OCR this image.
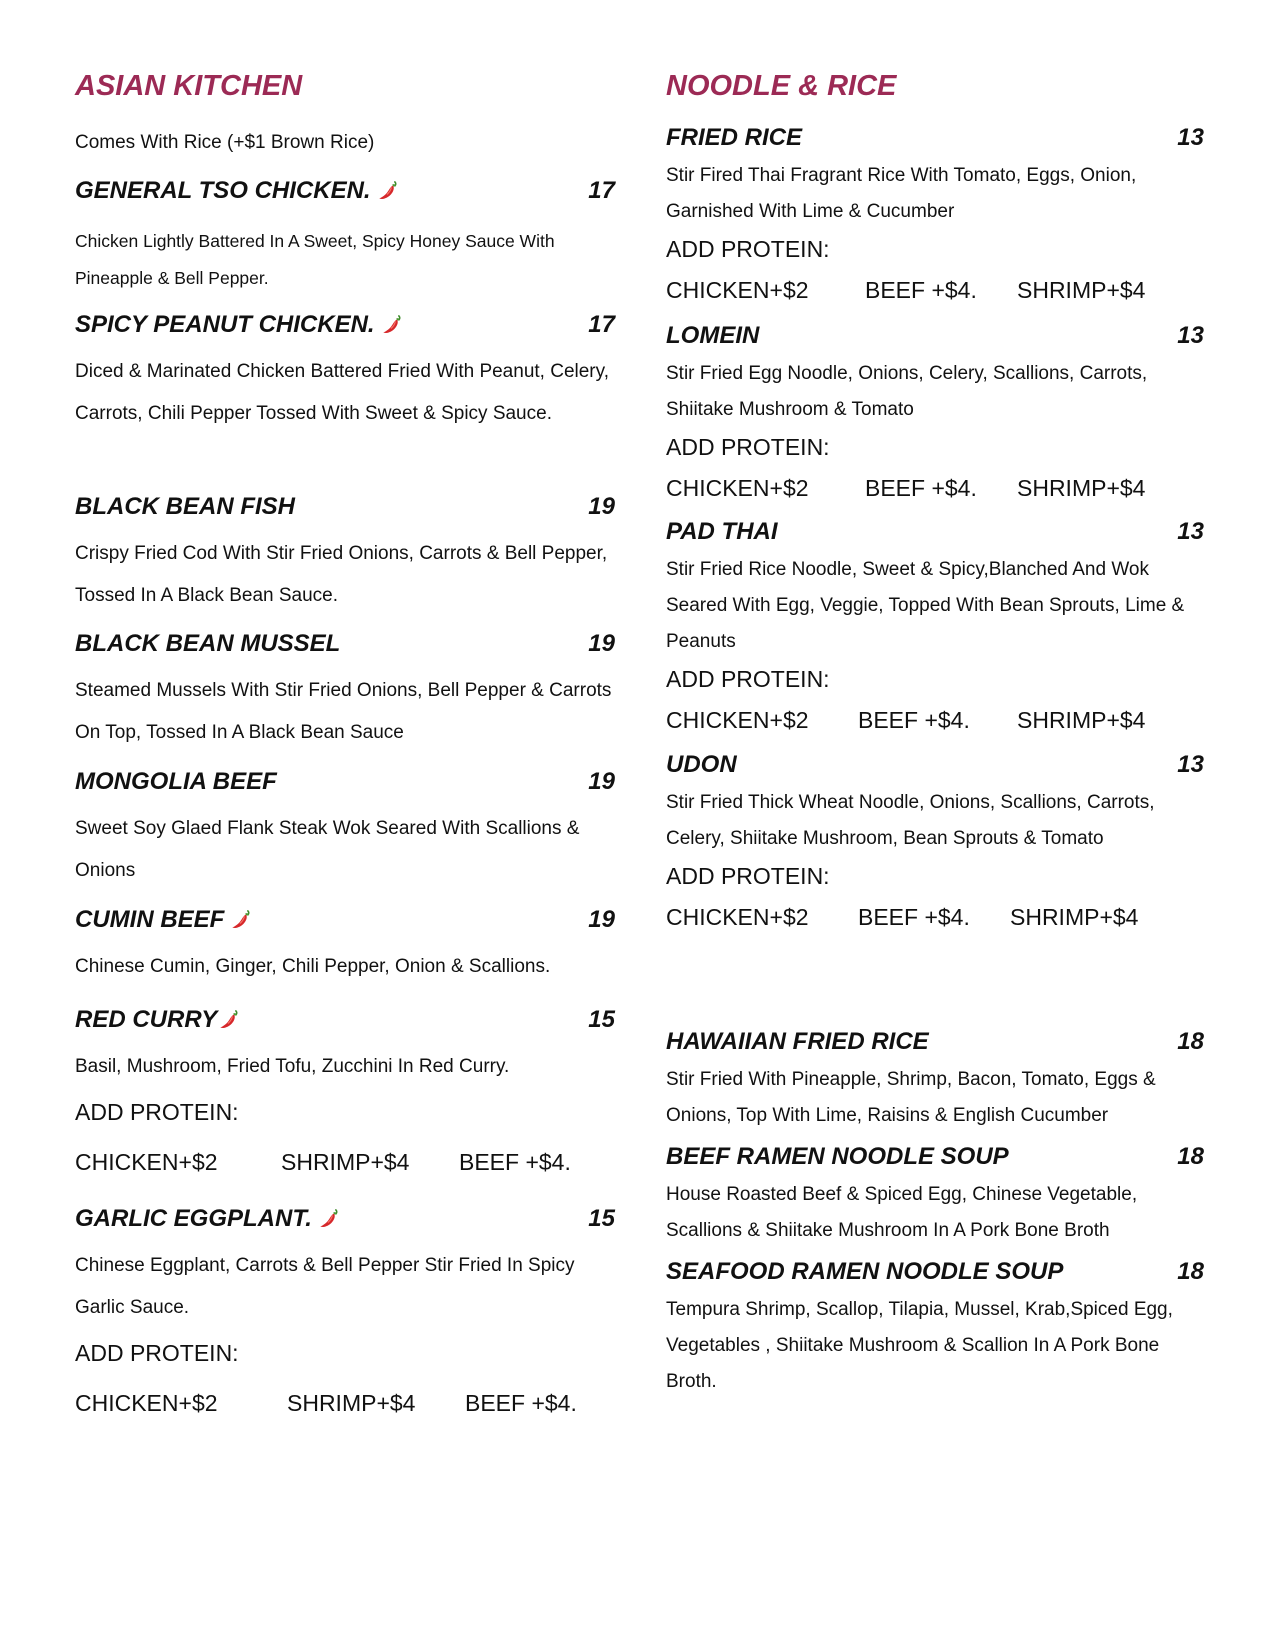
ASIAN KITCHEN
Comes With Rice (+$1 Brown Rice)
GENERAL TSO CHICKEN.	17

Chicken Lightly Battered In A Sweet, Spicy Honey Sauce With Pineapple & Bell Pepper.

SPICY PEANUT CHICKEN.	17

Diced & Marinated Chicken Battered Fried With Peanut, Celery, Carrots, Chili Pepper Tossed With Sweet & Spicy Sauce.

BLACK BEAN FISH	19

Crispy Fried Cod With Stir Fried Onions, Carrots & Bell Pepper, Tossed In A Black Bean Sauce.

BLACK BEAN MUSSEL	19

Steamed Mussels With Stir Fried Onions, Bell Pepper & Carrots On Top, Tossed In A Black Bean Sauce

MONGOLIA BEEF	19

Sweet Soy Glaed Flank Steak Wok Seared With Scallions & Onions

CUMIN BEEF	19

Chinese Cumin, Ginger, Chili Pepper, Onion & Scallions.

RED CURRY	15

Basil, Mushroom, Fried Tofu, Zucchini In Red Curry.

ADD PROTEIN:

CHICKEN+$2	SHRIMP+$4 BEEF +$4.
GARLIC EGGPLANT.	15

Chinese Eggplant, Carrots & Bell Pepper Stir Fried In Spicy Garlic Sauce.

ADD PROTEIN:

CHICKEN+$2	SHRIMP+$4 BEEF +$4.
NOODLE & RICE
FRIED RICE	13

Stir Fired Thai Fragrant Rice With Tomato, Eggs, Onion, Garnished With Lime & Cucumber

ADD PROTEIN:

CHICKEN+$2 BEEF +$4. SHRIMP+$4
LOMEIN	13

Stir Fried Egg Noodle, Onions, Celery, Scallions, Carrots, Shiitake Mushroom & Tomato

ADD PROTEIN:

CHICKEN+$2 BEEF +$4. SHRIMP+$4
PAD THAI	13

Stir Fried Rice Noodle, Sweet & Spicy,Blanched And Wok Seared With Egg, Veggie, Topped With Bean Sprouts, Lime & Peanuts

ADD PROTEIN:

CHICKEN+$2 BEEF +$4. SHRIMP+$4
UDON	13

Stir Fried Thick Wheat Noodle, Onions, Scallions, Carrots, Celery, Shiitake Mushroom, Bean Sprouts & Tomato

ADD PROTEIN:

CHICKEN+$2 BEEF +$4. SHRIMP+$4
HAWAIIAN FRIED RICE	18

Stir Fried With Pineapple, Shrimp, Bacon, Tomato, Eggs & Onions, Top With Lime, Raisins & English Cucumber

BEEF RAMEN NOODLE SOUP	18

House Roasted Beef & Spiced Egg, Chinese Vegetable, Scallions & Shiitake Mushroom In A Pork Bone Broth

SEAFOOD RAMEN NOODLE SOUP	18

Tempura Shrimp, Scallop, Tilapia, Mussel, Krab,Spiced Egg, Vegetables , Shiitake Mushroom & Scallion In A Pork Bone Broth.
